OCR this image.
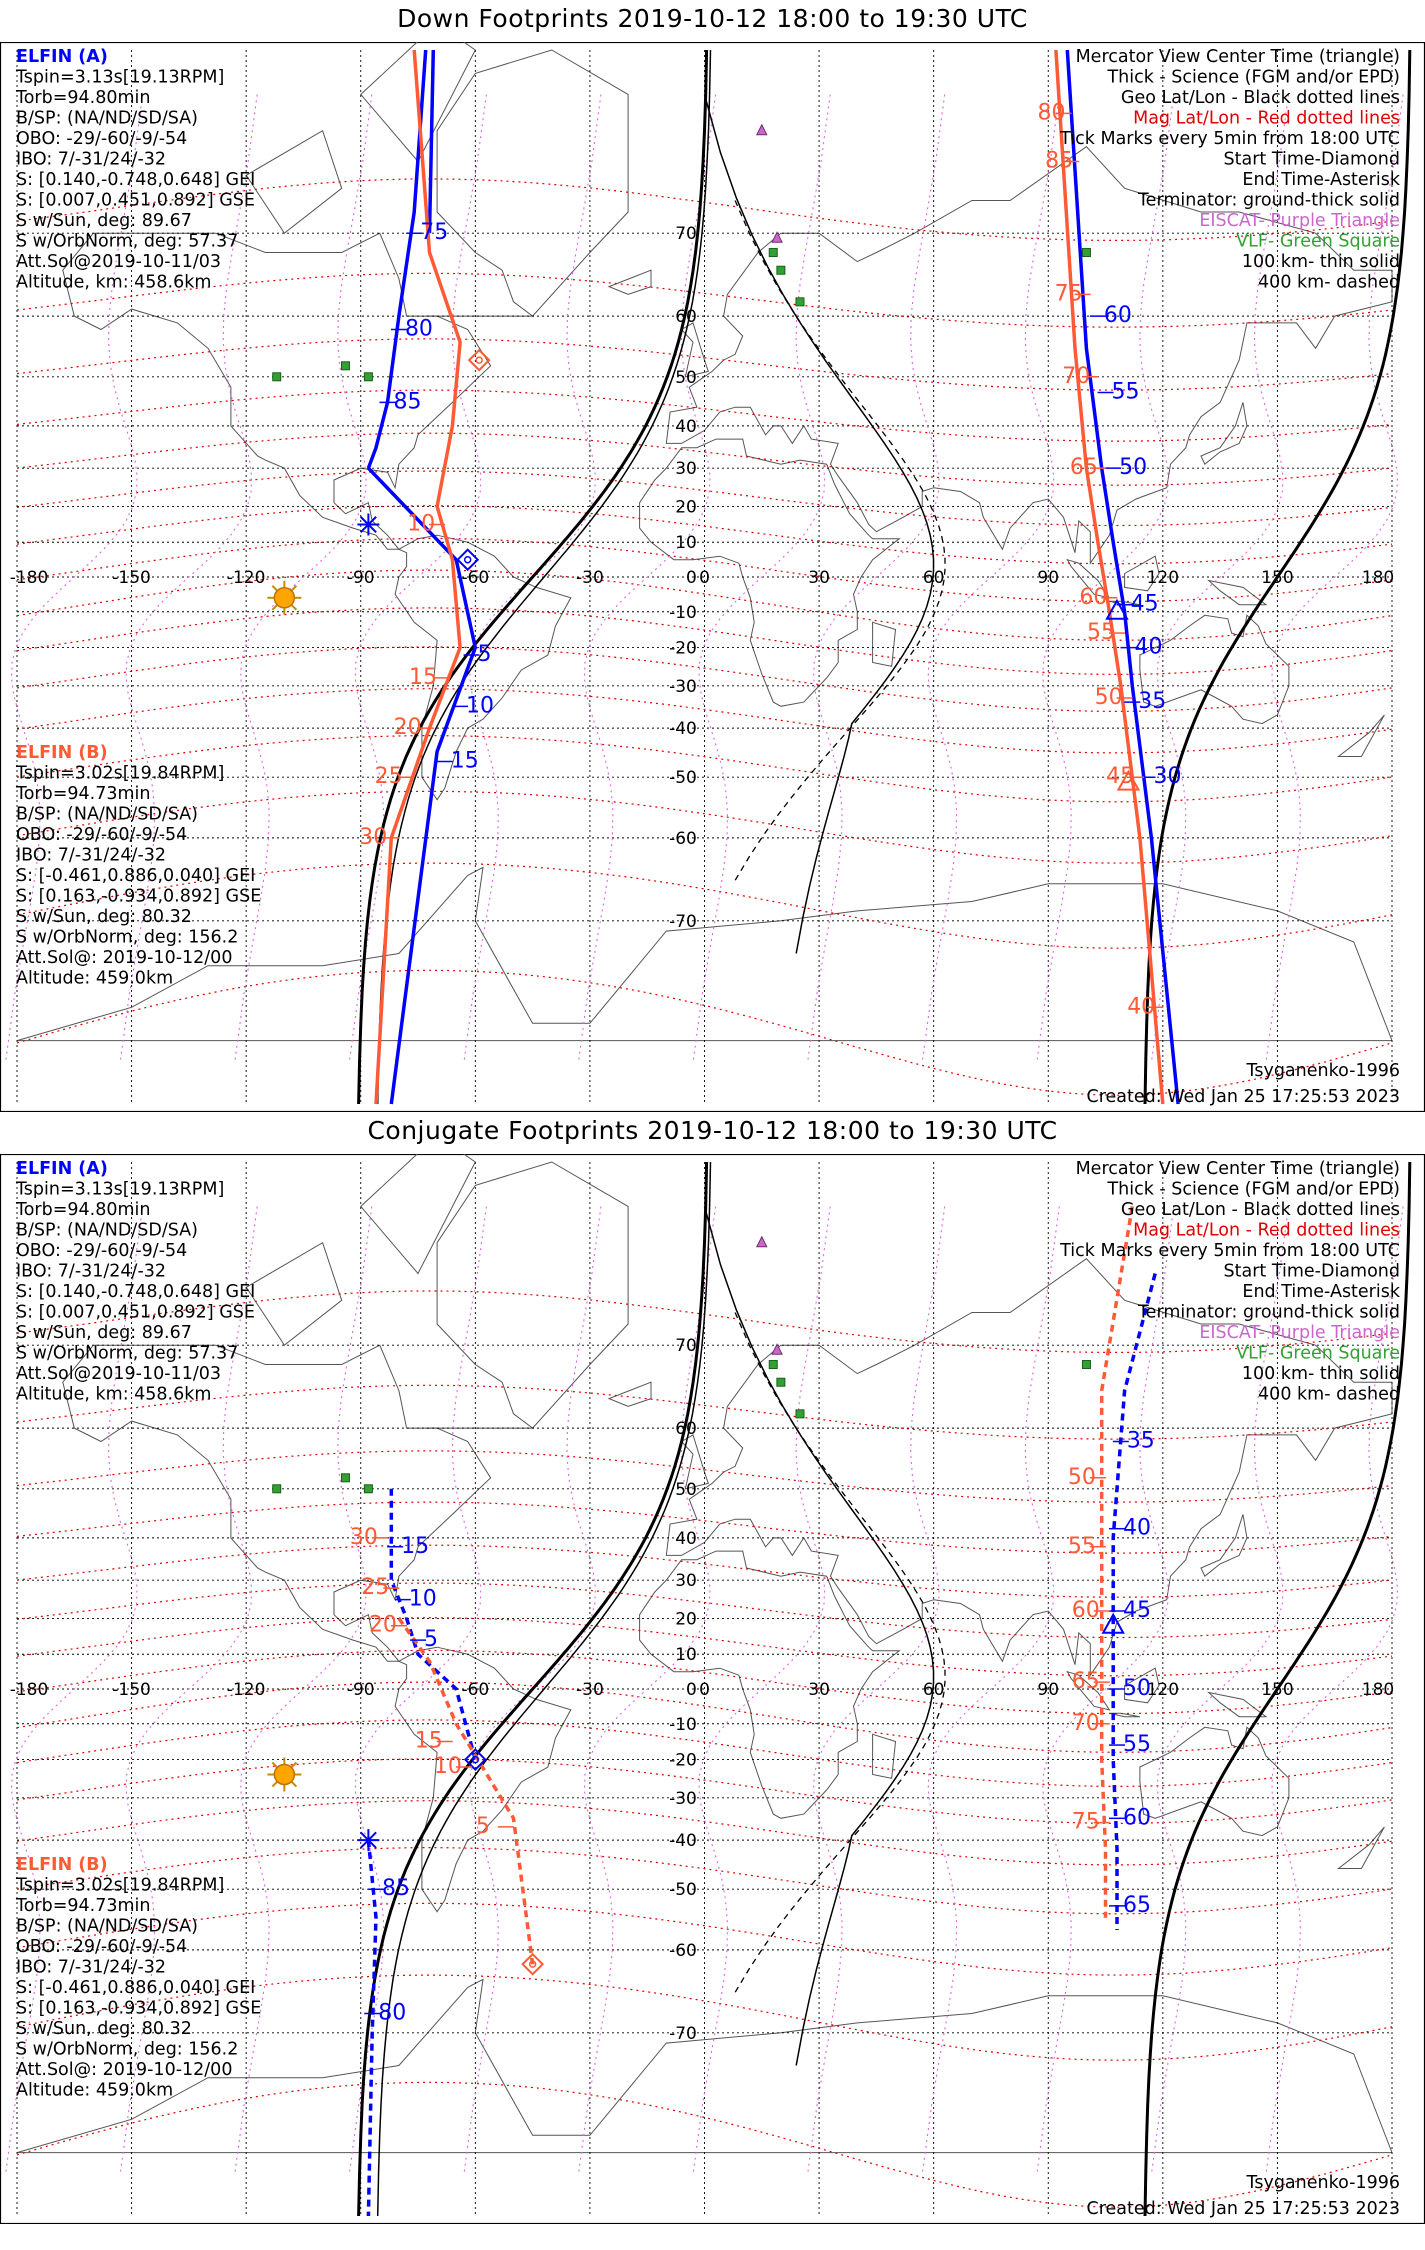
Down Footprints 2019-10-12 18:00 to 19:30 UTC
-180	-150	-120	-90	-60	-30	0	30	60	90	120	150	180
70
60
50
40
30
20
10
0
-10
-20
-30
-40
-50
-60
-70
75
80
85
60
55
50
45
40
35
30
5
10
15
80
85
75
70
65
60
55
50
45
40
10
15
20
25
30
ELFIN (A)
Tspin=3.13s[19.13RPM]
Torb=94.80min
B/SP: (NA/ND/SD/SA)
OBO: -29/-60/-9/-54
IBO: 7/-31/24/-32
S: [0.140,-0.748,0.648] GEI
S: [0.007,0.451,0.892] GSE
S w/Sun, deg: 89.67
S w/OrbNorm, deg: 57.37
Att.Sol@2019-10-11/03
Altitude, km: 458.6km
ELFIN (B)
Tspin=3.02s[19.84RPM]
Torb=94.73min
B/SP: (NA/ND/SD/SA)
OBO: -29/-60/-9/-54
IBO: 7/-31/24/-32
S: [-0.461,0.886,0.040] GEI
S: [0.163,-0.934,0.892] GSE
S w/Sun, deg: 80.32
S w/OrbNorm, deg: 156.2
Att.Sol@: 2019-10-12/00
Altitude: 459.0km
Mercator View Center Time (triangle)
Thick - Science (FGM and/or EPD)
Geo Lat/Lon - Black dotted lines
Mag Lat/Lon - Red dotted lines
Tick Marks every 5min from 18:00 UTC
Start Time-Diamond
End Time-Asterisk
Terminator: ground-thick solid
EISCAT- Purple Triangle
VLF- Green Square
100 km- thin solid
400 km- dashed
Tsyganenko-1996
Created: Wed Jan 25 17:25:53 2023
Conjugate Footprints 2019-10-12 18:00 to 19:30 UTC
-180	-150	-120	-90	-60	-30	0	30	60	90	120	150	180
70
60
50
40
30
20
10
0
-10
-20
-30
-40
-50
-60
-70
15
10
5
85
80
35
40
45
50
55
60
65
30
25
20
15
10
5
50
55
60
65
70
75
ELFIN (A)
Tspin=3.13s[19.13RPM]
Torb=94.80min
B/SP: (NA/ND/SD/SA)
OBO: -29/-60/-9/-54
IBO: 7/-31/24/-32
S: [0.140,-0.748,0.648] GEI
S: [0.007,0.451,0.892] GSE
S w/Sun, deg: 89.67
S w/OrbNorm, deg: 57.37
Att.Sol@2019-10-11/03
Altitude, km: 458.6km
ELFIN (B)
Tspin=3.02s[19.84RPM]
Torb=94.73min
B/SP: (NA/ND/SD/SA)
OBO: -29/-60/-9/-54
IBO: 7/-31/24/-32
S: [-0.461,0.886,0.040] GEI
S: [0.163,-0.934,0.892] GSE
S w/Sun, deg: 80.32
S w/OrbNorm, deg: 156.2
Att.Sol@: 2019-10-12/00
Altitude: 459.0km
Mercator View Center Time (triangle)
Thick - Science (FGM and/or EPD)
Geo Lat/Lon - Black dotted lines
Mag Lat/Lon - Red dotted lines
Tick Marks every 5min from 18:00 UTC
Start Time-Diamond
End Time-Asterisk
Terminator: ground-thick solid
EISCAT- Purple Triangle
VLF- Green Square
100 km- thin solid
400 km- dashed
Tsyganenko-1996
Created: Wed Jan 25 17:25:53 2023
